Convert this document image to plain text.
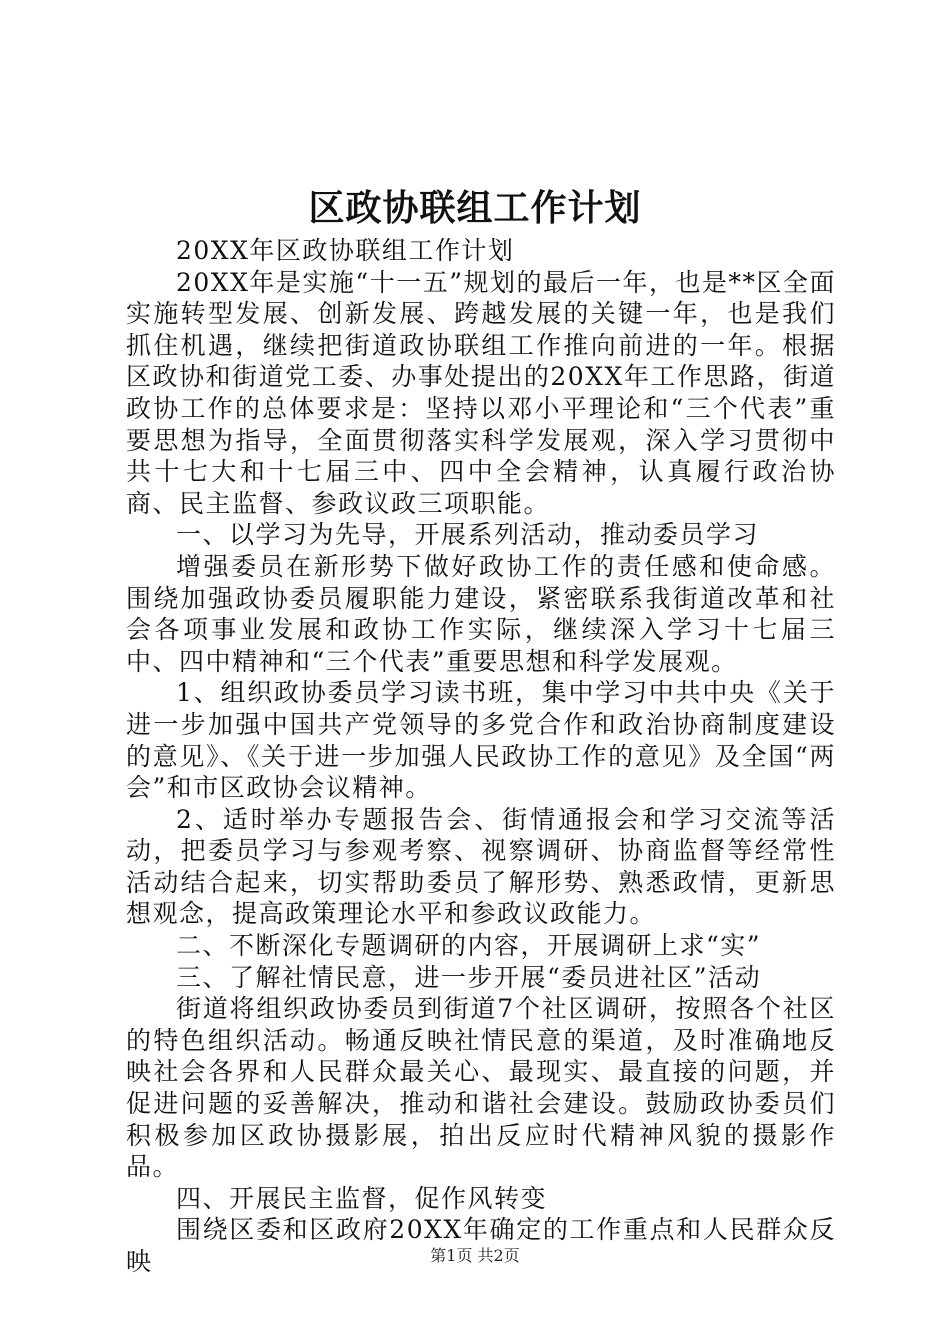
区政协联组工作计划

20XX年区政协联组工作计划

20XX年是实施“十一五”规划的最后一年，也是**区全面实施转型发展、创新发展、跨越发展的关键一年，也是我们抓住机遇，继续把街道政协联组工作推向前进的一年。根据区政协和街道党工委、办事处提出的20XX年工作思路，街道政协工作的总体要求是：坚持以邓小平理论和“三个代表”重要思想为指导，全面贯彻落实科学发展观，深入学习贯彻中共十七大和十七届三中、四中全会精神，认真履行政治协商、民主监督、参政议政三项职能。

一、以学习为先导，开展系列活动，推动委员学习

增强委员在新形势下做好政协工作的责任感和使命感。围绕加强政协委员履职能力建设，紧密联系我街道改革和社会各项事业发展和政协工作实际，继续深入学习十七届三中、四中精神和“三个代表”重要思想和科学发展观。

1、组织政协委员学习读书班，集中学习中共中央《关于进一步加强中国共产党领导的多党合作和政治协商制度建设的意见》、《关于进一步加强人民政协工作的意见》及全国“两会”和市区政协会议精神。

2、适时举办专题报告会、街情通报会和学习交流等活动，把委员学习与参观考察、视察调研、协商监督等经常性活动结合起来，切实帮助委员了解形势、熟悉政情，更新思想观念，提高政策理论水平和参政议政能力。

二、不断深化专题调研的内容，开展调研上求“实”

三、了解社情民意，进一步开展“委员进社区”活动

街道将组织政协委员到街道7个社区调研，按照各个社区的特色组织活动。畅通反映社情民意的渠道，及时准确地反映社会各界和人民群众最关心、最现实、最直接的问题，并促进问题的妥善解决，推动和谐社会建设。鼓励政协委员们积极参加区政协摄影展，拍出反应时代精神风貌的摄影作品。

四、开展民主监督，促作风转变

围绕区委和区政府20XX年确定的工作重点和人民群众反映	第1页 共2页
